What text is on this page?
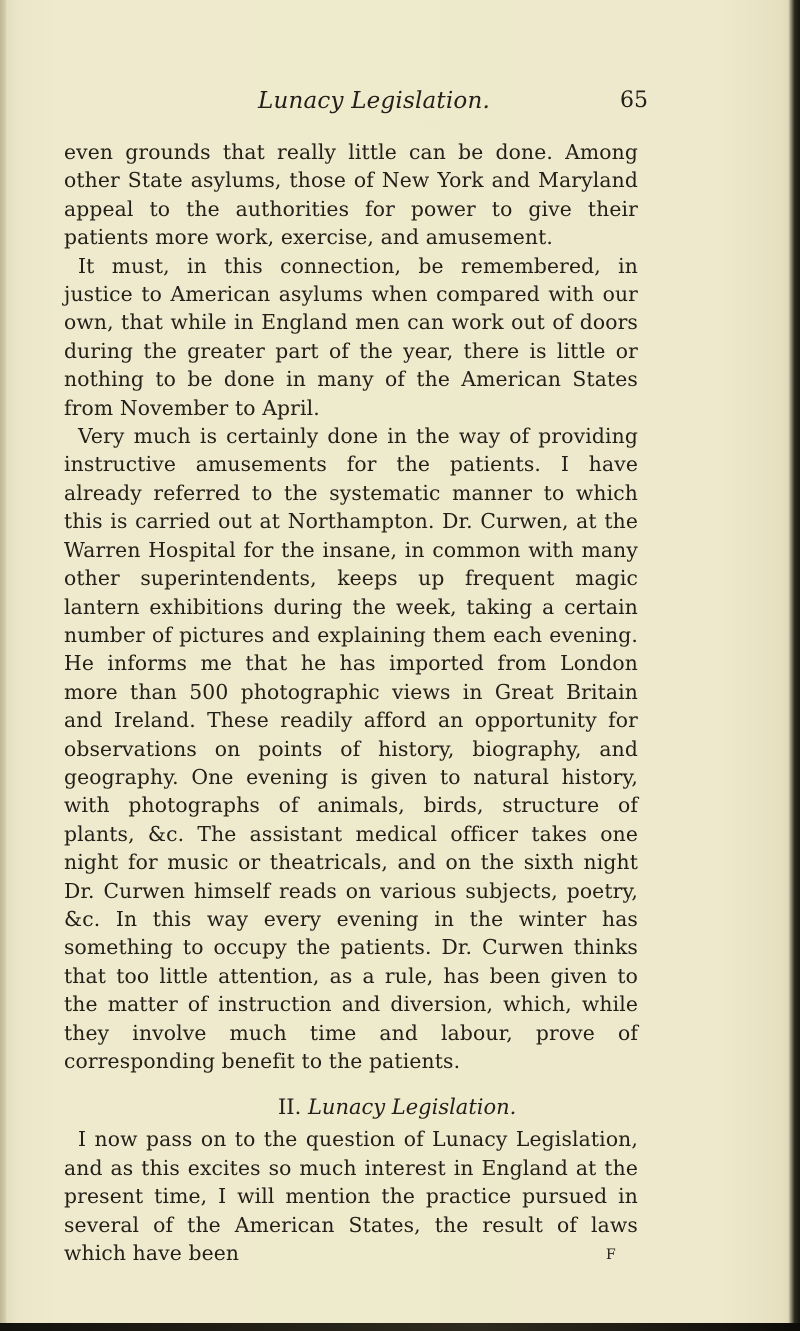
Lunacy Legislation.	65

even grounds that really little can be done. Among other State asylums, those of New York and Maryland appeal to the authorities for power to give their patients more work, exercise, and amusement.

It must, in this connection, be remembered, in justice to American asylums when compared with our own, that while in England men can work out of doors during the greater part of the year, there is little or nothing to be done in many of the American States from November to April.

Very much is certainly done in the way of providing instructive amusements for the patients. I have already referred to the systematic manner to which this is carried out at Northampton. Dr. Curwen, at the Warren Hospital for the insane, in common with many other superintendents, keeps up frequent magic lantern exhibitions during the week, taking a certain number of pictures and explaining them each evening. He informs me that he has imported from London more than 500 photographic views in Great Britain and Ireland. These readily afford an opportunity for observations on points of history, biography, and geography. One evening is given to natural history, with photographs of animals, birds, structure of plants, &c. The assistant medical officer takes one night for music or theatricals, and on the sixth night Dr. Curwen himself reads on various subjects, poetry, &c. In this way every evening in the winter has something to occupy the patients. Dr. Curwen thinks that too little attention, as a rule, has been given to the matter of instruction and diversion, which, while they involve much time and labour, prove of corresponding benefit to the patients.

II. Lunacy Legislation.

I now pass on to the question of Lunacy Legislation, and as this excites so much interest in England at the present time, I will mention the practice pursued in several of the American States, the result of laws which have been	F
